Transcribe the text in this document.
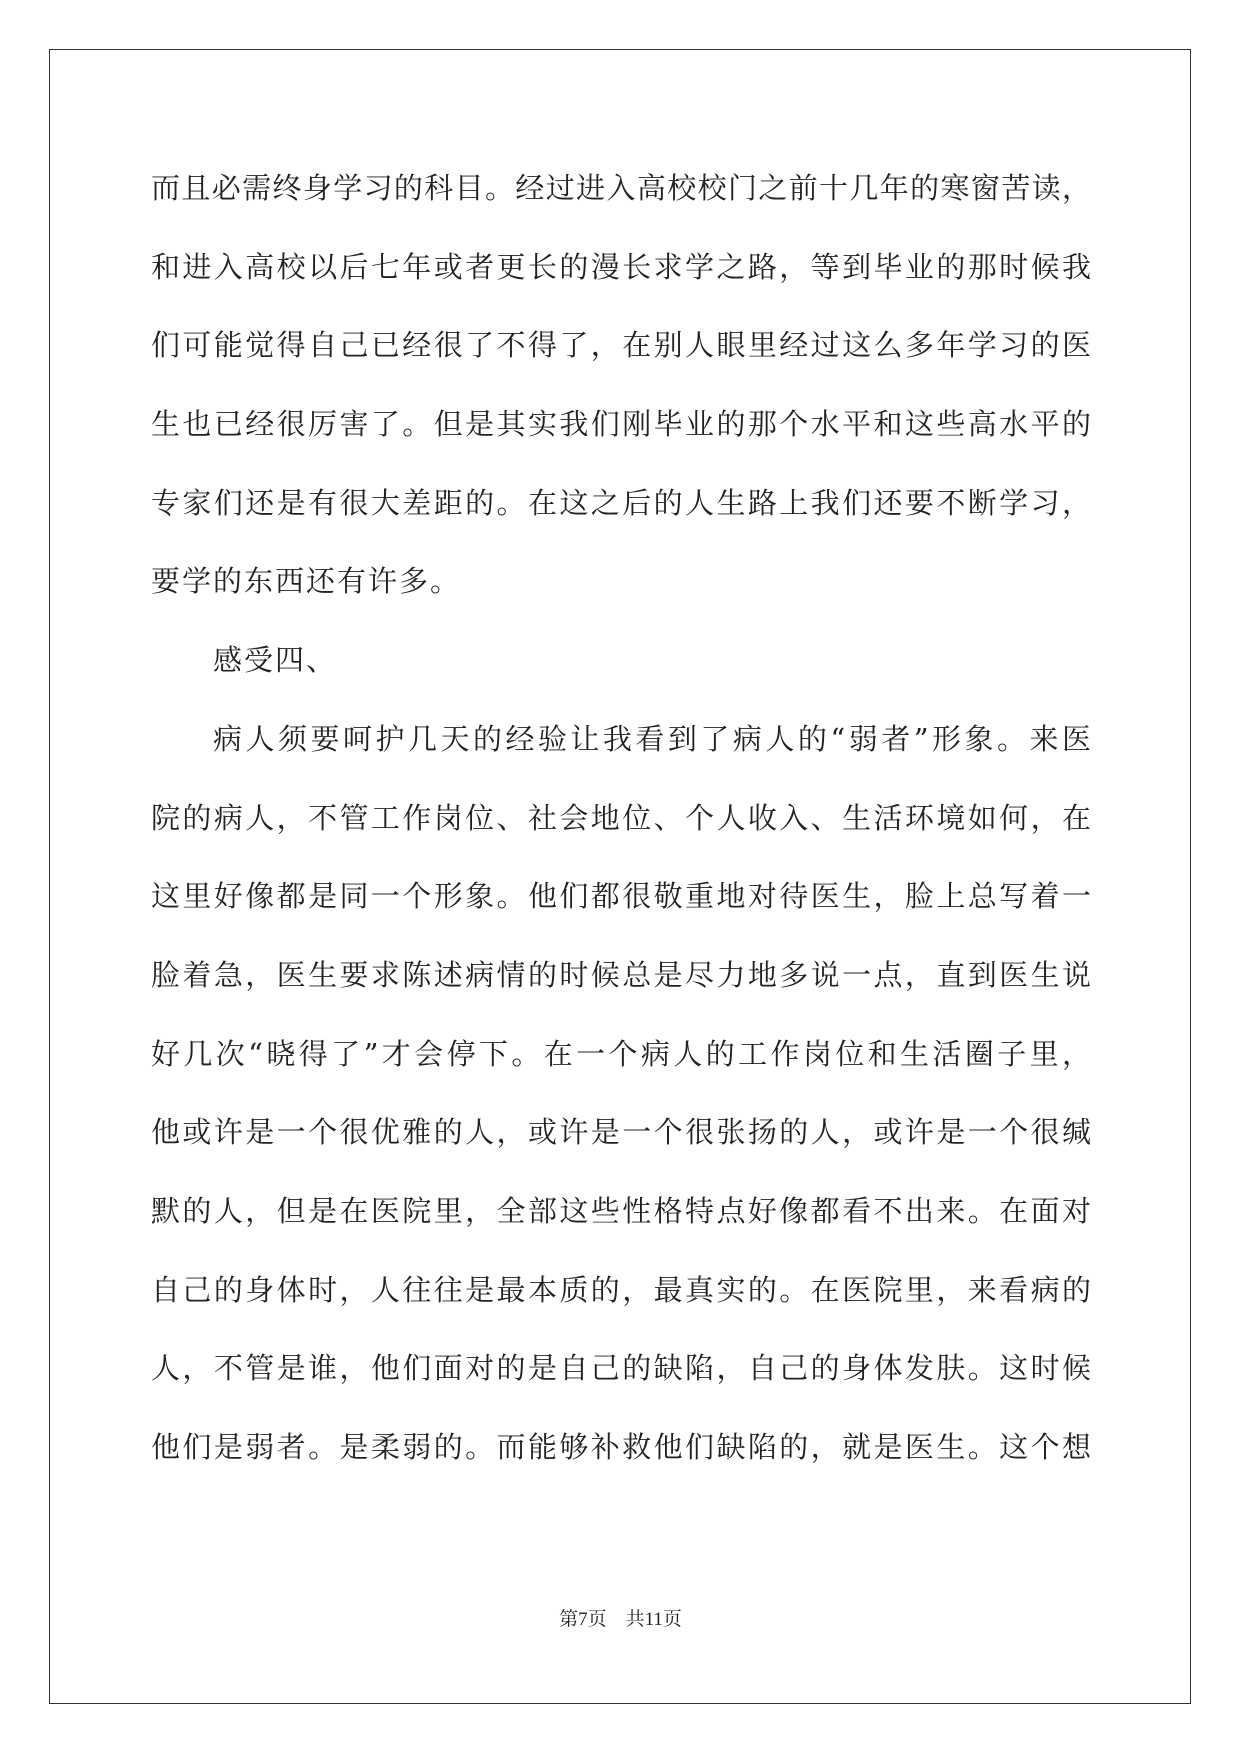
而且必需终身学习的科目。经过进入高校校门之前十几年的寒窗苦读，
和进入高校以后七年或者更长的漫长求学之路，等到毕业的那时候我
们可能觉得自己已经很了不得了，在别人眼里经过这么多年学习的医
生也已经很厉害了。但是其实我们刚毕业的那个水平和这些高水平的
专家们还是有很大差距的。在这之后的人生路上我们还要不断学习，
要学的东西还有许多。
感受四、
病人须要呵护几天的经验让我看到了病人的“弱者”形象。来医
院的病人，不管工作岗位、社会地位、个人收入、生活环境如何，在
这里好像都是同一个形象。他们都很敬重地对待医生，脸上总写着一
脸着急，医生要求陈述病情的时候总是尽力地多说一点，直到医生说
好几次“晓得了”才会停下。在一个病人的工作岗位和生活圈子里，
他或许是一个很优雅的人，或许是一个很张扬的人，或许是一个很缄
默的人，但是在医院里，全部这些性格特点好像都看不出来。在面对
自己的身体时，人往往是最本质的，最真实的。在医院里，来看病的
人，不管是谁，他们面对的是自己的缺陷，自己的身体发肤。这时候
他们是弱者。是柔弱的。而能够补救他们缺陷的，就是医生。这个想
第7页 共11页
